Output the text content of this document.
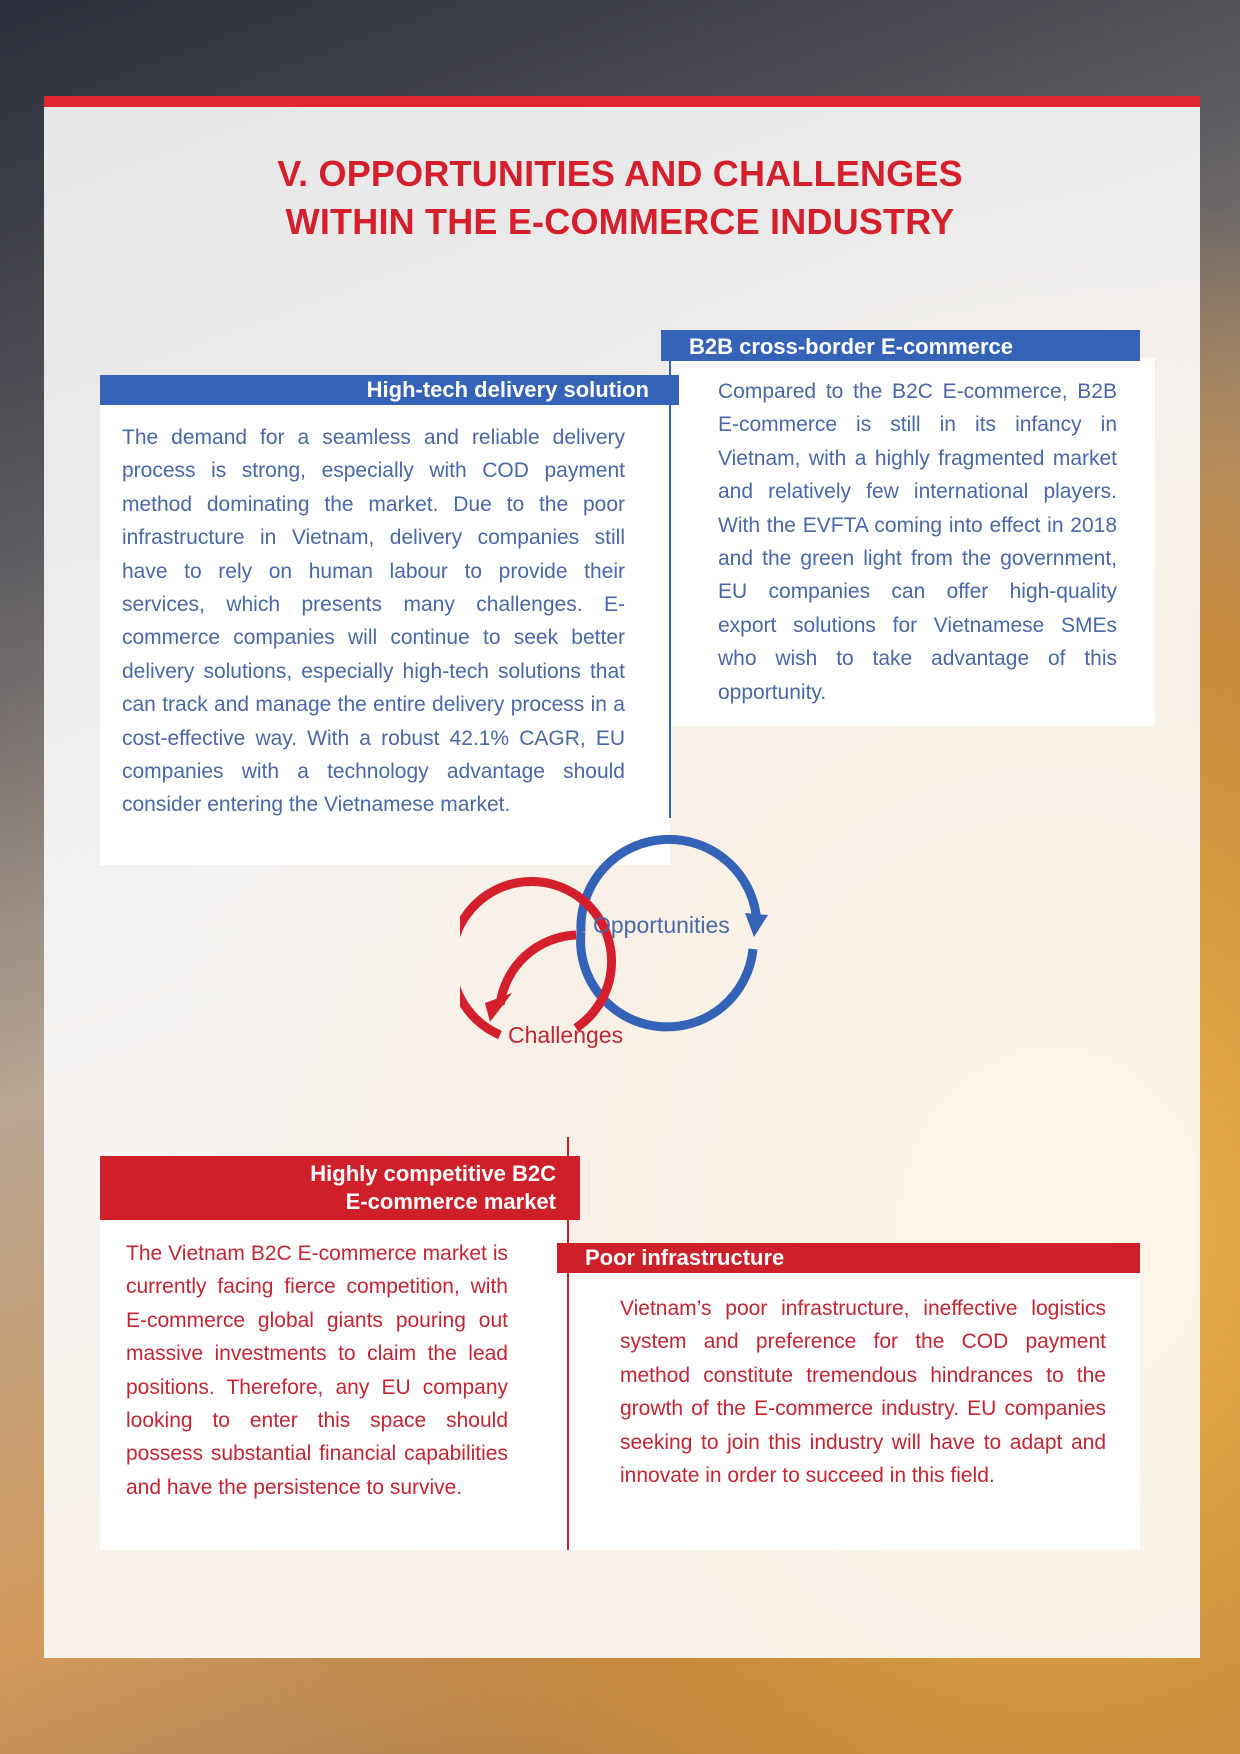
V. OPPORTUNITIES AND CHALLENGES
WITHIN THE E-COMMERCE INDUSTRY
B2B cross-border E-commerce
Compared to the B2C E-commerce, B2B E-commerce is still in its infancy in Vietnam, with a highly fragmented market and relatively few international players. With the EVFTA coming into effect in 2018 and the green light from the government, EU companies can offer high-quality export solutions for Vietnamese SMEs who wish to take advantage of this opportunity.
High-tech delivery solution
The demand for a seamless and reliable delivery process is strong, especially with COD payment method dominating the market. Due to the poor infrastructure in Vietnam, delivery companies still have to rely on human labour to provide their services, which presents many challenges. E-commerce companies will continue to seek better delivery solutions, especially high-tech solutions that can track and manage the entire delivery process in a cost-effective way. With a robust 42.1% CAGR, EU companies with a technology advantage should consider entering the Vietnamese market.
Opportunities
Challenges
Highly competitive B2C
E-commerce market
The Vietnam B2C E-commerce market is currently facing fierce competition, with E-commerce global giants pouring out massive investments to claim the lead positions. Therefore, any EU company looking to enter this space should possess substantial financial capabilities and have the persistence to survive.
Poor infrastructure
Vietnam’s poor infrastructure, ineffective logistics system and preference for the COD payment method constitute tremendous hindrances to the growth of the E-commerce industry. EU companies seeking to join this industry will have to adapt and innovate in order to succeed in this field.
